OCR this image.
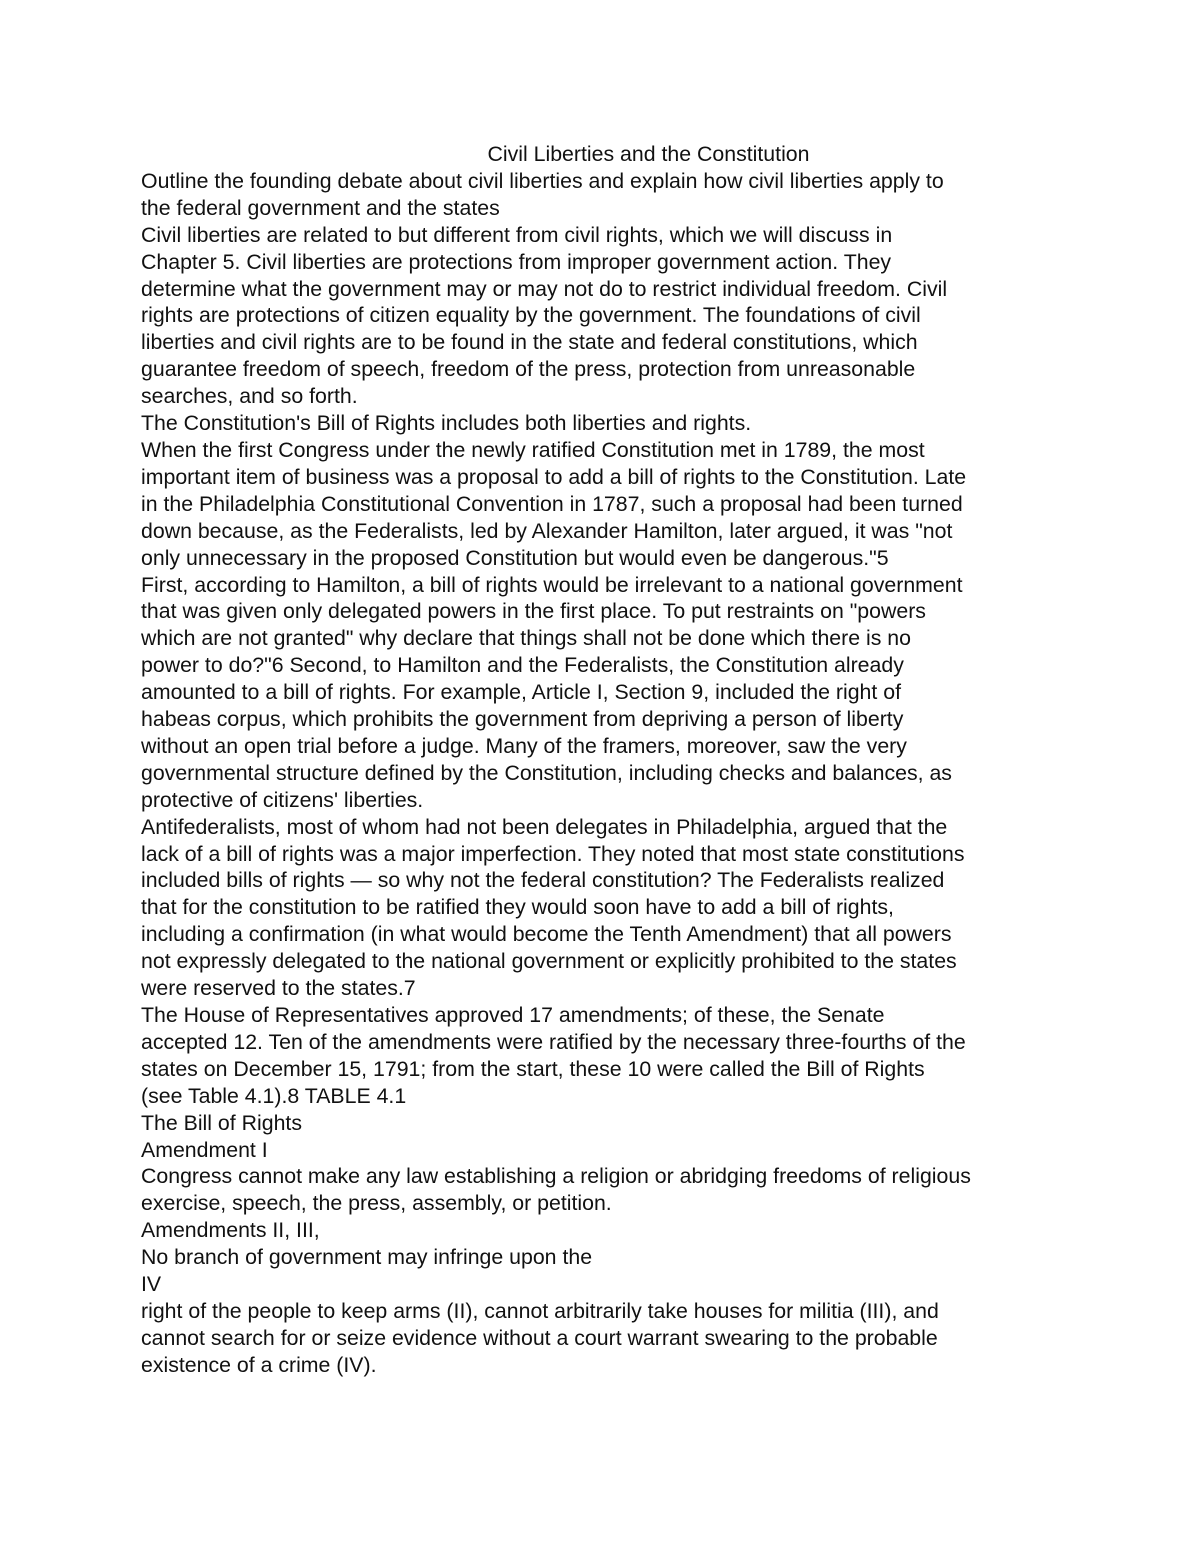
Civil Liberties and the Constitution
Outline the founding debate about civil liberties and explain how civil liberties apply to
the federal government and the states
Civil liberties are related to but different from civil rights, which we will discuss in
Chapter 5. Civil liberties are protections from improper government action. They
determine what the government may or may not do to restrict individual freedom. Civil
rights are protections of citizen equality by the government. The foundations of civil
liberties and civil rights are to be found in the state and federal constitutions, which
guarantee freedom of speech, freedom of the press, protection from unreasonable
searches, and so forth.
The Constitution's Bill of Rights includes both liberties and rights.
When the first Congress under the newly ratified Constitution met in 1789, the most
important item of business was a proposal to add a bill of rights to the Constitution. Late
in the Philadelphia Constitutional Convention in 1787, such a proposal had been turned
down because, as the Federalists, led by Alexander Hamilton, later argued, it was "not
only unnecessary in the proposed Constitution but would even be dangerous."5
First, according to Hamilton, a bill of rights would be irrelevant to a national government
that was given only delegated powers in the first place. To put restraints on "powers
which are not granted" why declare that things shall not be done which there is no
power to do?"6 Second, to Hamilton and the Federalists, the Constitution already
amounted to a bill of rights. For example, Article I, Section 9, included the right of
habeas corpus, which prohibits the government from depriving a person of liberty
without an open trial before a judge. Many of the framers, moreover, saw the very
governmental structure defined by the Constitution, including checks and balances, as
protective of citizens' liberties.
Antifederalists, most of whom had not been delegates in Philadelphia, argued that the
lack of a bill of rights was a major imperfection. They noted that most state constitutions
included bills of rights — so why not the federal constitution? The Federalists realized
that for the constitution to be ratified they would soon have to add a bill of rights,
including a confirmation (in what would become the Tenth Amendment) that all powers
not expressly delegated to the national government or explicitly prohibited to the states
were reserved to the states.7
The House of Representatives approved 17 amendments; of these, the Senate
accepted 12. Ten of the amendments were ratified by the necessary three-fourths of the
states on December 15, 1791; from the start, these 10 were called the Bill of Rights
(see Table 4.1).8 TABLE 4.1
The Bill of Rights
Amendment I
Congress cannot make any law establishing a religion or abridging freedoms of religious
exercise, speech, the press, assembly, or petition.
Amendments II, III,
No branch of government may infringe upon the
IV
right of the people to keep arms (II), cannot arbitrarily take houses for militia (III), and
cannot search for or seize evidence without a court warrant swearing to the probable
existence of a crime (IV).
